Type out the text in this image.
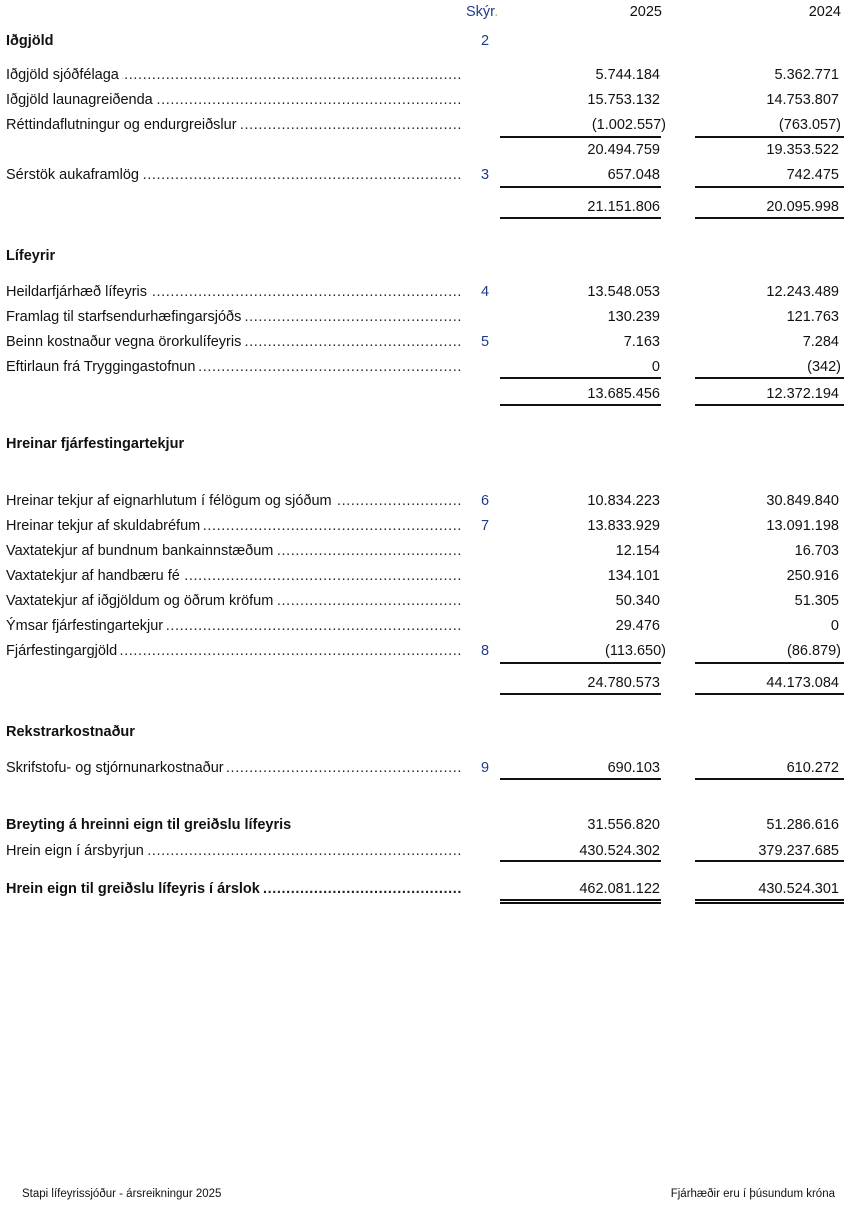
Skýr.	2025	2024
Iðgjöld	2
Iðgjöld sjóðfélaga .....	5.744.184	5.362.771
Iðgjöld launagreiðenda .....	15.753.132	14.753.807
Réttindaflutningur og endurgreiðslur .....	(1.002.557)	(763.057)
20.494.759	19.353.522
Sérstök aukaframlög .....	3	657.048	742.475
21.151.806	20.095.998
Lífeyrir
Heildarfjárhæð lífeyris .....	4	13.548.053	12.243.489
Framlag til starfsendurhæfingarsjóðs .....	130.239	121.763
Beinn kostnaður vegna örorkulífeyris .....	5	7.163	7.284
Eftirlaun frá Tryggingastofnun .....	0	(342)
13.685.456	12.372.194
Hreinar fjárfestingartekjur
Hreinar tekjur af eignarhlutum í félögum og sjóðum .....	6	10.834.223	30.849.840
Hreinar tekjur af skuldabréfum .....	7	13.833.929	13.091.198
Vaxtatekjur af bundnum bankainnstæðum .....	12.154	16.703
Vaxtatekjur af handbæru fé .....	134.101	250.916
Vaxtatekjur af iðgjöldum og öðrum kröfum .....	50.340	51.305
Ýmsar fjárfestingartekjur .....	29.476	0
Fjárfestingargjöld .....	8	(113.650)	(86.879)
24.780.573	44.173.084
Rekstrarkostnaður
Skrifstofu- og stjórnunarkostnaður .....	9	690.103	610.272
Breyting á hreinni eign til greiðslu lífeyris	31.556.820	51.286.616
Hrein eign í ársbyrjun .....	430.524.302	379.237.685
Hrein eign til greiðslu lífeyris í árslok .....	462.081.122	430.524.301
Stapi lífeyrissjóður - ársreikningur 2025	Fjárhæðir eru í þúsundum króna
